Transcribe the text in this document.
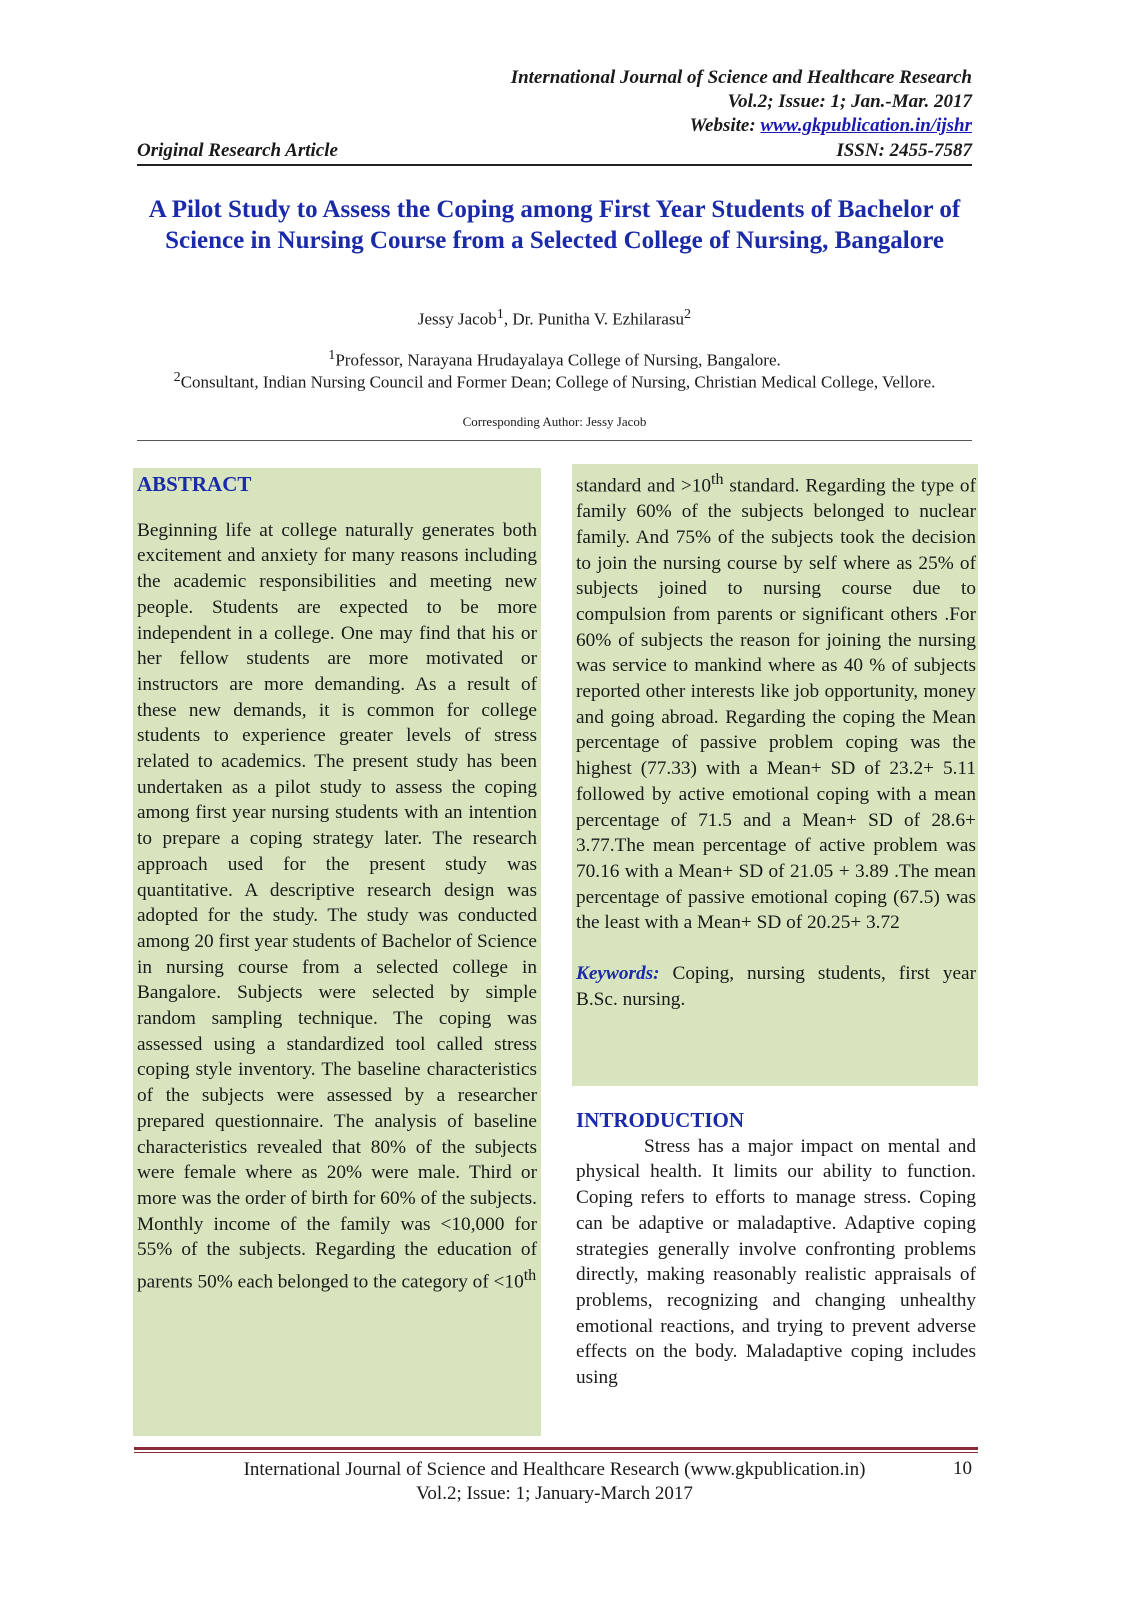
International Journal of Science and Healthcare Research
Vol.2; Issue: 1; Jan.-Mar. 2017
Website: www.gkpublication.in/ijshr
Original Research Article	ISSN: 2455-7587
A Pilot Study to Assess the Coping among First Year Students of Bachelor of Science in Nursing Course from a Selected College of Nursing, Bangalore
Jessy Jacob$^1$, Dr. Punitha V. Ezhilarasu$^2$
$^1$Professor, Narayana Hrudayalaya College of Nursing, Bangalore.
$^2$Consultant, Indian Nursing Council and Former Dean; College of Nursing, Christian Medical College, Vellore.
Corresponding Author: Jessy Jacob

ABSTRACT

Beginning life at college naturally generates both excitement and anxiety for many reasons including the academic responsibilities and meeting new people. Students are expected to be more independent in a college. One may find that his or her fellow students are more motivated or instructors are more demanding. As a result of these new demands, it is common for college students to experience greater levels of stress related to academics. The present study has been undertaken as a pilot study to assess the coping among first year nursing students with an intention to prepare a coping strategy later. The research approach used for the present study was quantitative. A descriptive research design was adopted for the study. The study was conducted among 20 first year students of Bachelor of Science in nursing course from a selected college in Bangalore. Subjects were selected by simple random sampling technique. The coping was assessed using a standardized tool called stress coping style inventory. The baseline characteristics of the subjects were assessed by a researcher prepared questionnaire. The analysis of baseline characteristics revealed that 80% of the subjects were female where as 20% were male. Third or more was the order of birth for 60% of the subjects. Monthly income of the family was <10,000 for 55% of the subjects. Regarding the education of parents 50% each belonged to the category of <10th

standard and >10th standard. Regarding the type of family 60% of the subjects belonged to nuclear family. And 75% of the subjects took the decision to join the nursing course by self where as 25% of subjects joined to nursing course due to compulsion from parents or significant others .For 60% of subjects the reason for joining the nursing was service to mankind where as 40 % of subjects reported other interests like job opportunity, money and going abroad. Regarding the coping the Mean percentage of passive problem coping was the highest (77.33) with a Mean+ SD of 23.2+ 5.11 followed by active emotional coping with a mean percentage of 71.5 and a Mean+ SD of 28.6+ 3.77.The mean percentage of active problem was 70.16 with a Mean+ SD of 21.05 + 3.89 .The mean percentage of passive emotional coping (67.5) was the least with a Mean+ SD of 20.25+ 3.72

Keywords: Coping, nursing students, first year B.Sc. nursing.

INTRODUCTION

Stress has a major impact on mental and physical health. It limits our ability to function. Coping refers to efforts to manage stress. Coping can be adaptive or maladaptive. Adaptive coping strategies generally involve confronting problems directly, making reasonably realistic appraisals of problems, recognizing and changing unhealthy emotional reactions, and trying to prevent adverse effects on the body. Maladaptive coping includes using

International Journal of Science and Healthcare Research (www.gkpublication.in)
Vol.2; Issue: 1; January-March 2017
10
